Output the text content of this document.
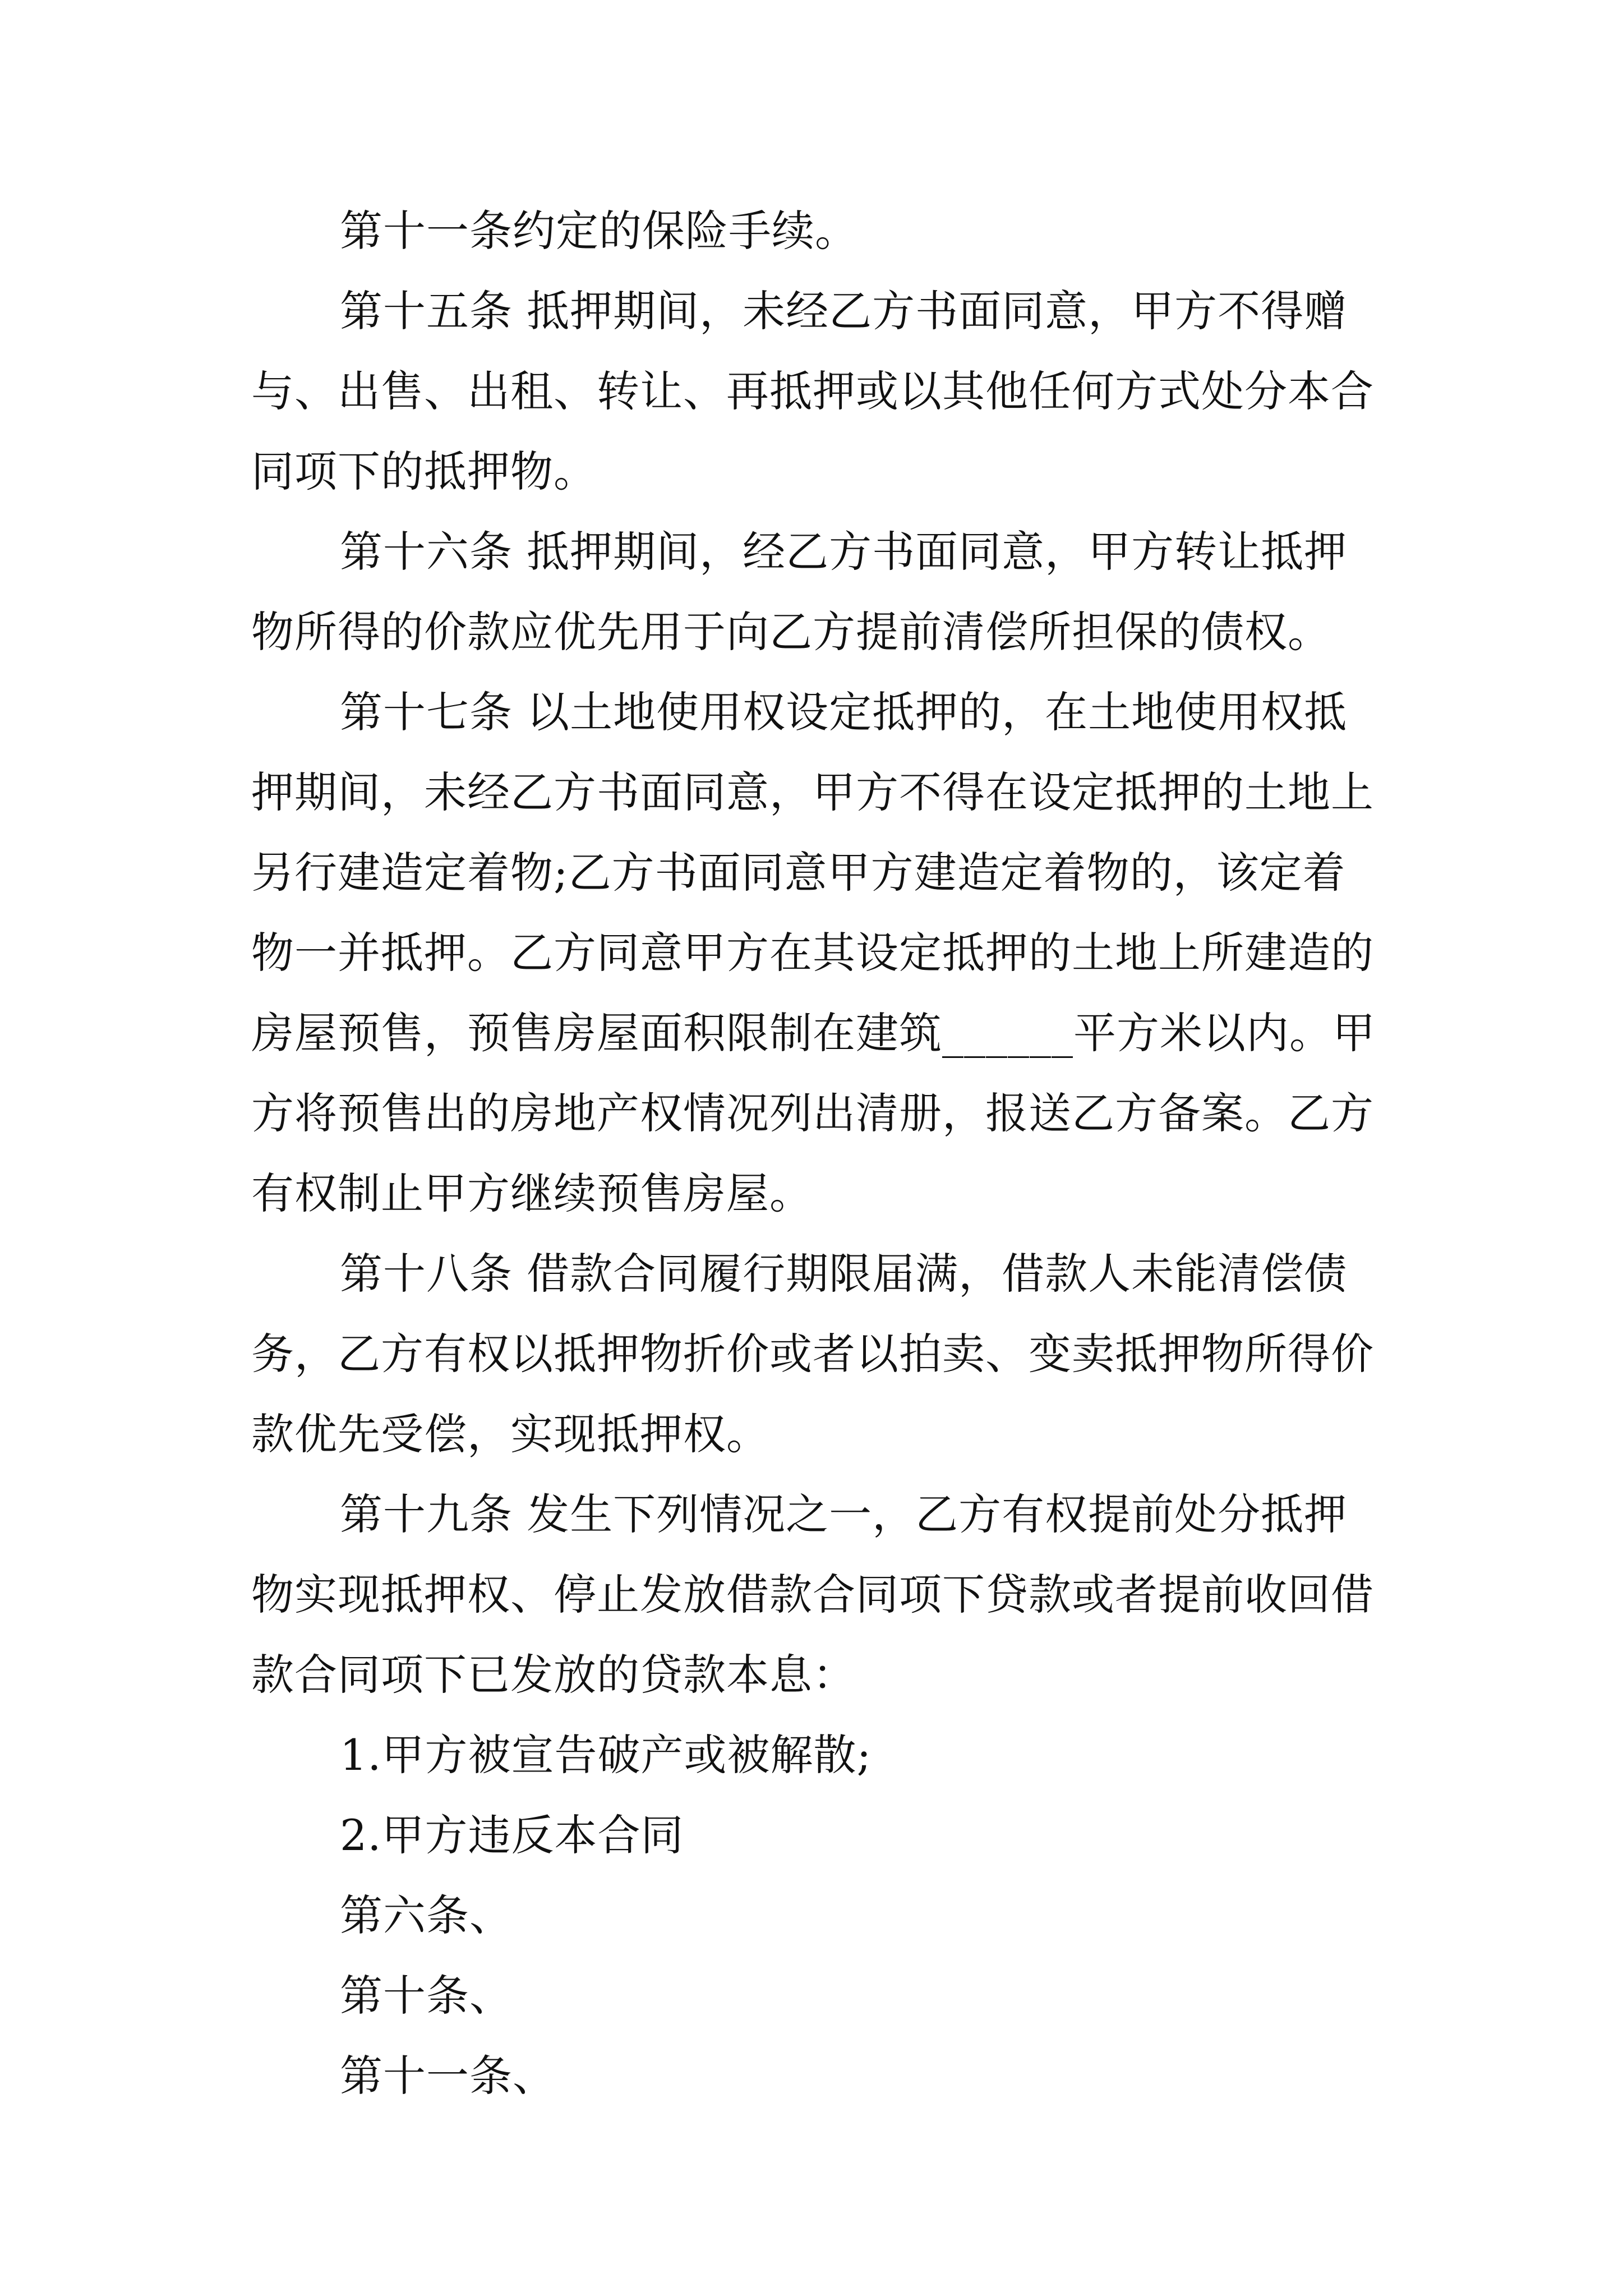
第十一条约定的保险手续。
第十五条 抵押期间，未经乙方书面同意，甲方不得赠
与、出售、出租、转让、再抵押或以其他任何方式处分本合
同项下的抵押物。
第十六条 抵押期间，经乙方书面同意，甲方转让抵押
物所得的价款应优先用于向乙方提前清偿所担保的债权。
第十七条 以土地使用权设定抵押的，在土地使用权抵
押期间，未经乙方书面同意，甲方不得在设定抵押的土地上
另行建造定着物;乙方书面同意甲方建造定着物的，该定着
物一并抵押。乙方同意甲方在其设定抵押的土地上所建造的
房屋预售，预售房屋面积限制在建筑______平方米以内。甲
方将预售出的房地产权情况列出清册，报送乙方备案。乙方
有权制止甲方继续预售房屋。
第十八条 借款合同履行期限届满，借款人未能清偿债
务，乙方有权以抵押物折价或者以拍卖、变卖抵押物所得价
款优先受偿，实现抵押权。
第十九条 发生下列情况之一，乙方有权提前处分抵押
物实现抵押权、停止发放借款合同项下贷款或者提前收回借
款合同项下已发放的贷款本息：
1.甲方被宣告破产或被解散;
2.甲方违反本合同
第六条、
第十条、
第十一条、
